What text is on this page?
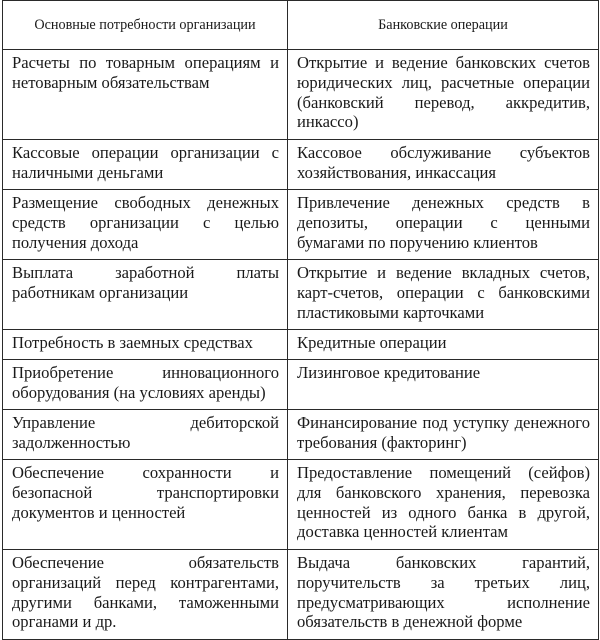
Основные потребности организации	Банковские операции
Расчеты по товарным операциям и нетоварным обязательствам	Открытие и ведение банковских счетов юридических лиц, расчетные операции (банковский перевод, аккредитив, инкассо)
Кассовые операции организации с наличными деньгами	Кассовое обслуживание субъектов хозяйствования, инкассация
Размещение свободных денежных средств организации с целью получения дохода	Привлечение денежных средств в депозиты, операции с ценными бумагами по поручению клиентов
Выплата заработной платы работникам организации	Открытие и ведение вкладных счетов, карт-счетов, операции с банковскими пластиковыми карточками
Потребность в заемных средствах	Кредитные операции
Приобретение инновационного оборудования (на условиях аренды)	Лизинговое кредитование
Управление дебиторской задолженностью	Финансирование под уступку денежного требования (факторинг)
Обеспечение сохранности и безопасной транспортировки документов и ценностей	Предоставление помещений (сейфов) для банковского хранения, перевозка ценностей из одного банка в другой, доставка ценностей клиентам
Обеспечение обязательств организаций перед контрагентами, другими банками, таможенными органами и др.	Выдача банковских гарантий, поручительств за третьих лиц, предусматривающих исполнение обязательств в денежной форме
